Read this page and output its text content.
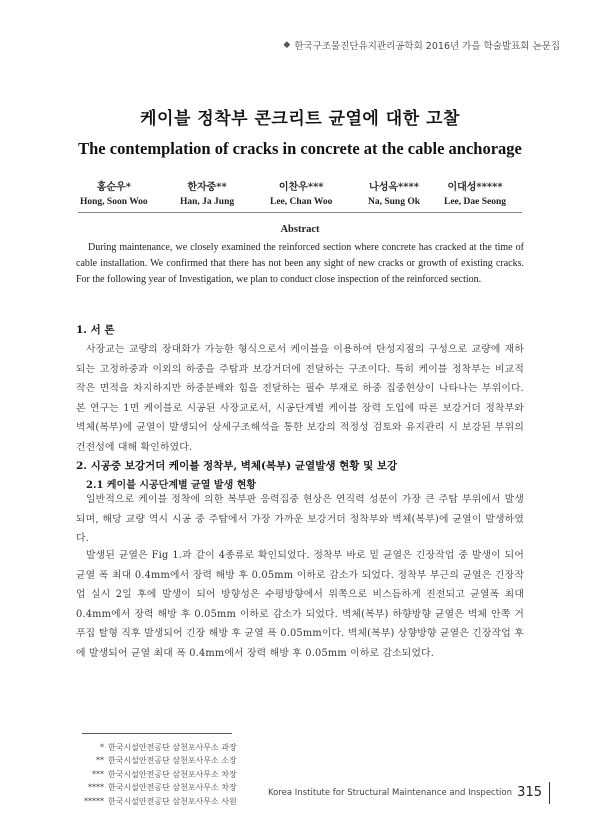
◆ 한국구조물진단유지관리공학회 2016년 가을 학술발표회 논문집
케이블 정착부 콘크리트 균열에 대한 고찰
The contemplation of cracks in concrete at the cable anchorage
홍순우*
Hong, Soon Woo
한자중**
Han, Ja Jung
이찬우***
Lee, Chan Woo
나성옥****
Na, Sung Ok
이대성*****
Lee, Dae Seong
Abstract
During maintenance, we closely examined the reinforced section where concrete has cracked at the time of cable installation. We confirmed that there has not been any sight of new cracks or growth of existing cracks. For the following year of Investigation, we plan to conduct close inspection of the reinforced section.
1. 서 론
사장교는 교량의 장대화가 가능한 형식으로서 케이블을 이용하여 탄성지점의 구성으로 교량에 재하되는 고정하중과 이외의 하중을 주탑과 보강거더에 전달하는 구조이다. 특히 케이블 정착부는 비교적 작은 면적을 차지하지만 하중분배와 힘을 전달하는 필수 부재로 하중 집중현상이 나타나는 부위이다. 본 연구는 1면 케이블로 시공된 사장교로서, 시공단계별 케이블 장력 도입에 따른 보강거더 정착부와 벽체(복부)에 균열이 발생되어 상세구조해석을 통한 보강의 적정성 검토와 유지관리 시 보강된 부위의 건전성에 대해 확인하였다.
2. 시공중 보강거더 케이블 정착부, 벽체(복부) 균열발생 현황 및 보강
2.1 케이블 시공단계별 균열 발생 현황
일반적으로 케이블 정착에 의한 복부판 응력집중 현상은 연직력 성분이 가장 큰 주탑 부위에서 발생되며, 해당 교량 역시 시공 중 주탑에서 가장 가까운 보강거더 정착부와 벽체(복부)에 균열이 발생하였다.
발생된 균열은 Fig 1.과 같이 4종류로 확인되었다. 정착부 바로 밑 균열은 긴장작업 중 발생이 되어 균열 폭 최대 0.4mm에서 장력 해방 후 0.05mm 이하로 감소가 되었다. 정착부 부근의 균열은 긴장작업 실시 2일 후에 발생이 되어 방향성은 수평방향에서 위쪽으로 비스듬하게 진전되고 균열폭 최대 0.4mm에서 장력 해방 후 0.05mm 이하로 감소가 되었다. 벽체(복부) 하향방향 균열은 벽체 안쪽 거푸집 탈형 직후 발생되어 긴장 해방 후 균열 폭 0.05mm이다. 벽체(복부) 상향방향 균열은 긴장작업 후에 발생되어 균열 최대 폭 0.4mm에서 장력 해방 후 0.05mm 이하로 감소되었다.
* 한국시설안전공단 삼천포사무소 과장
** 한국시설안전공단 삼천포사무소 소장
*** 한국시설안전공단 삼천포사무소 차장
**** 한국시설안전공단 삼천포사무소 차장
***** 한국시설안전공단 삼천포사무소 사원
Korea Institute for Structural Maintenance and Inspection 315
